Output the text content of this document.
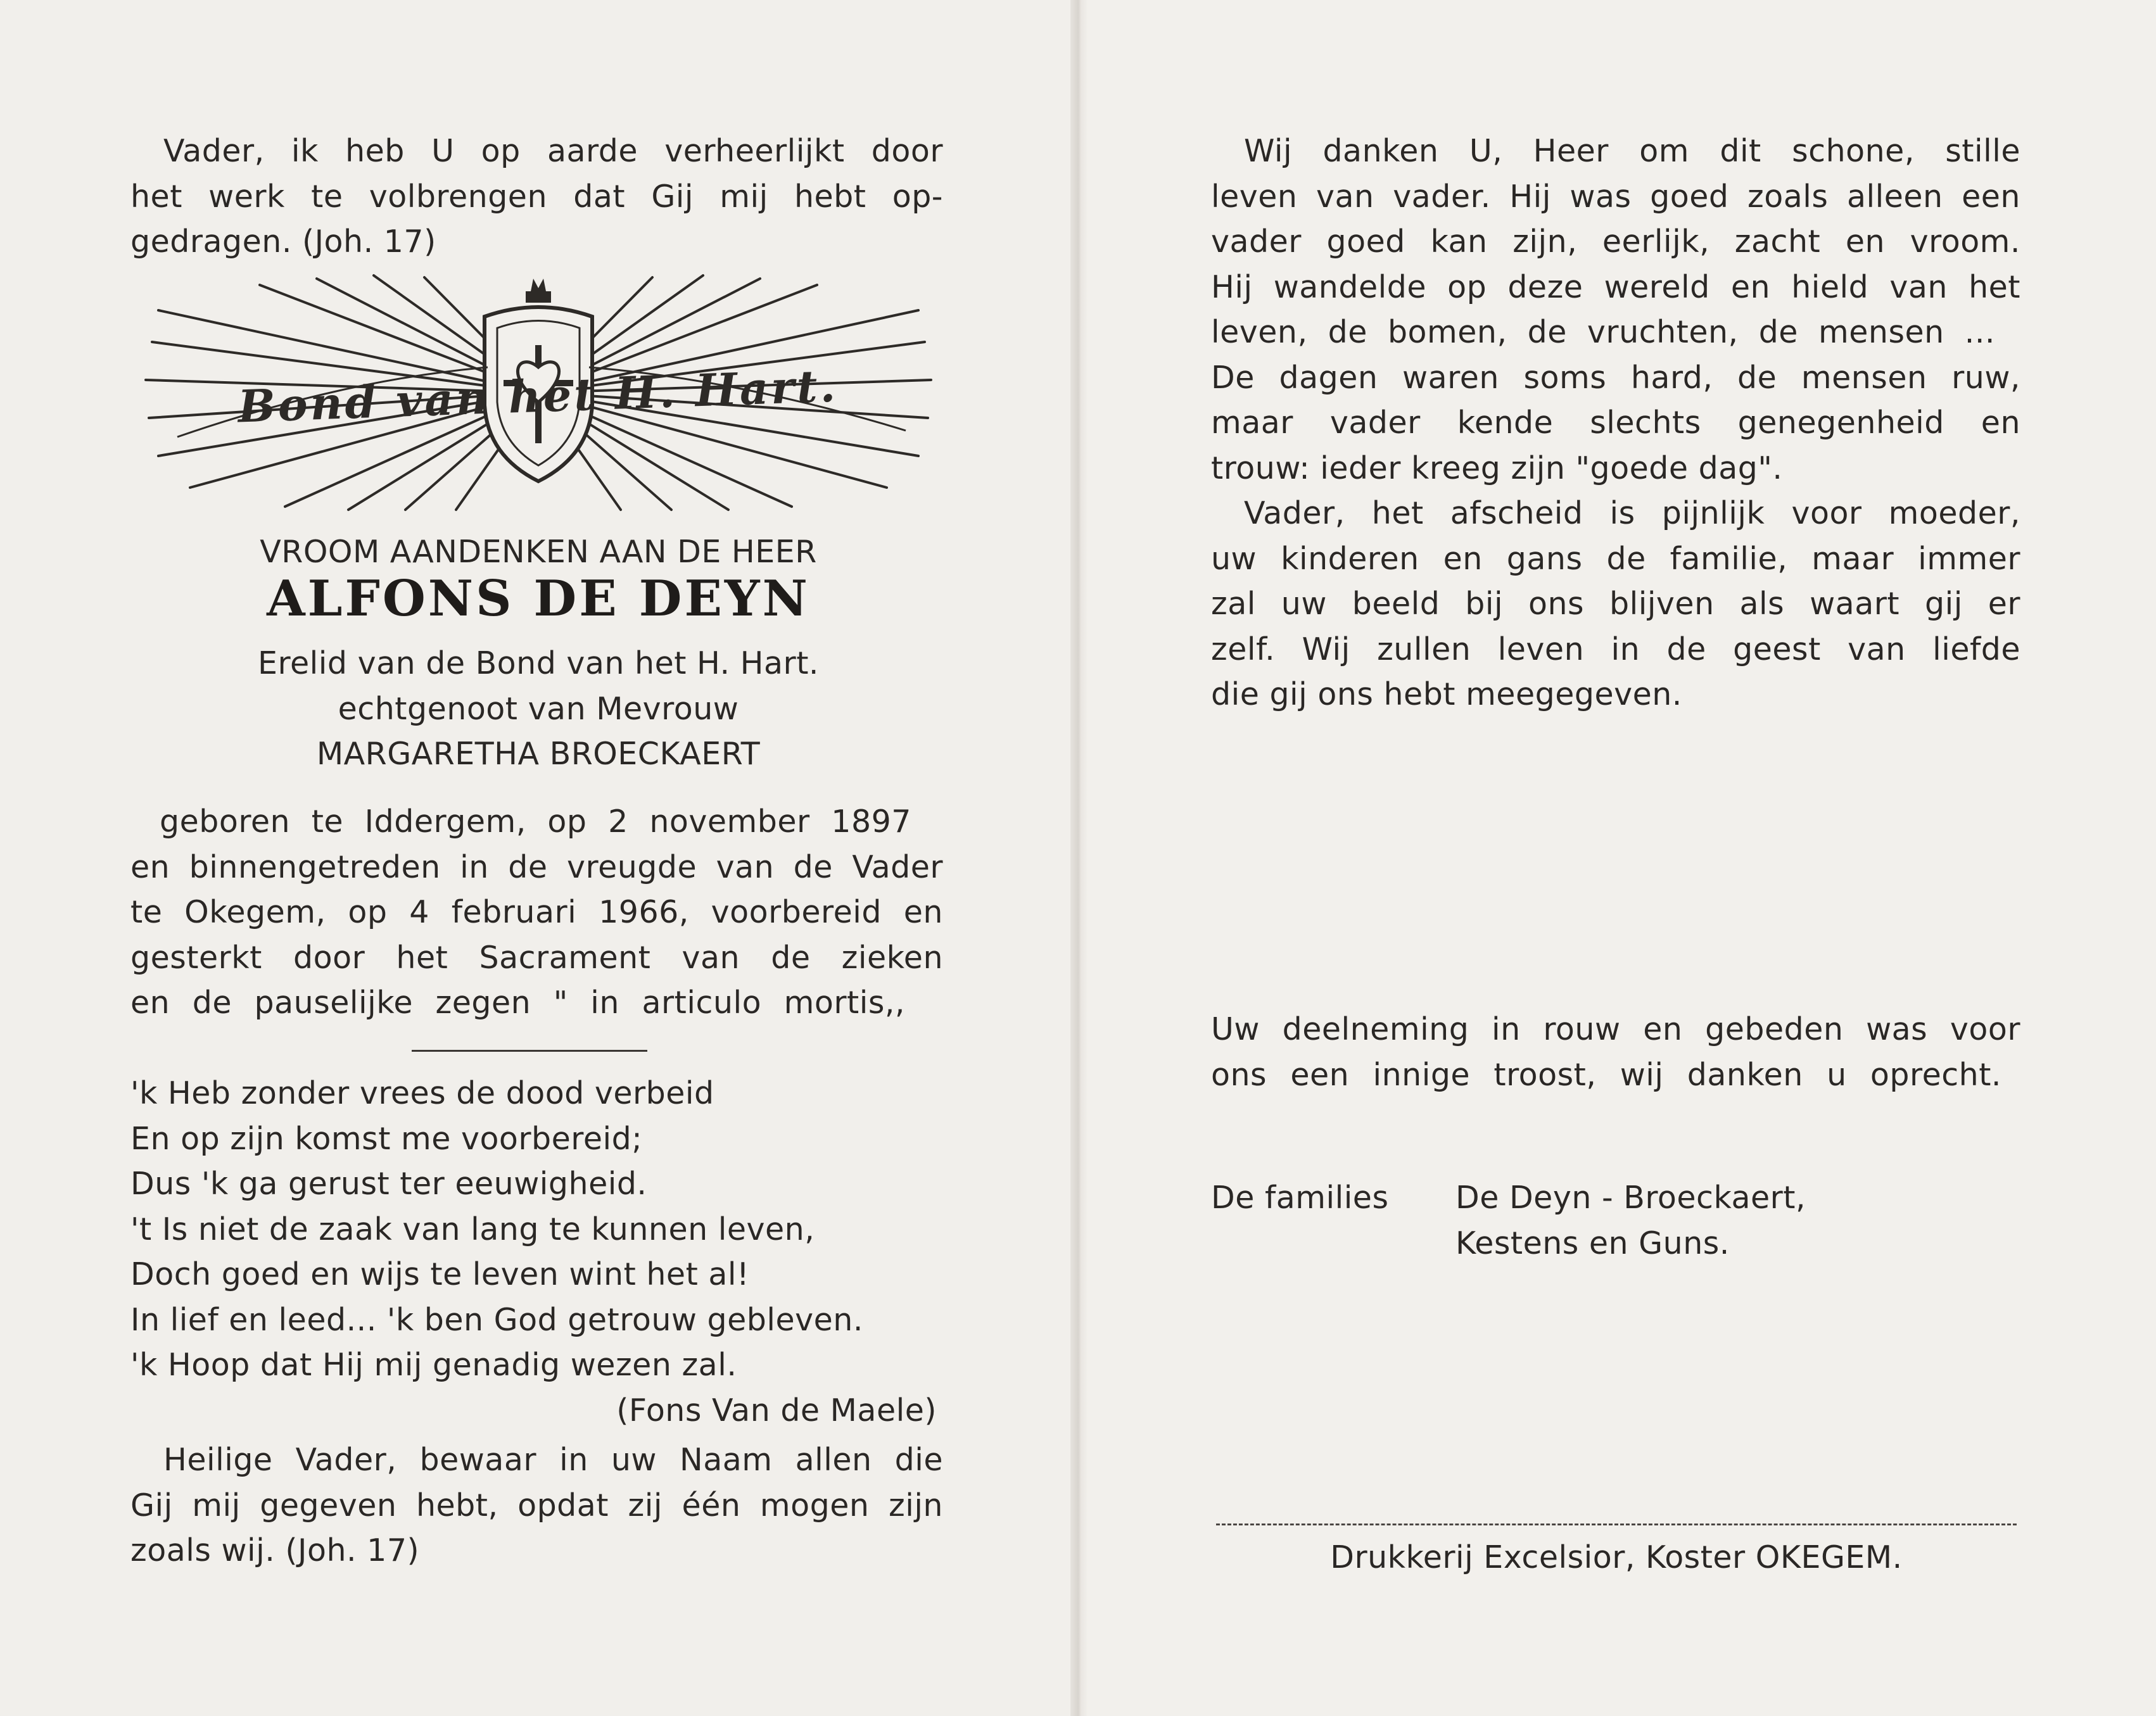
Vader, ik heb U op aarde verheerlijkt door
het werk te volbrengen dat Gij mij hebt op-
gedragen. (Joh. 17)
Bond van het H. Hart.
VROOM AANDENKEN AAN DE HEER
ALFONS DE DEYN
Erelid van de Bond van het H. Hart.
echtgenoot van Mevrouw
MARGARETHA BROECKAERT
geboren te Iddergem, op 2 november 1897
en binnengetreden in de vreugde van de Vader
te Okegem, op 4 februari 1966, voorbereid en
gesterkt door het Sacrament van de zieken
en de pauselijke zegen " in articulo mortis,,
'k Heb zonder vrees de dood verbeid
En op zijn komst me voorbereid;
Dus 'k ga gerust ter eeuwigheid.
't Is niet de zaak van lang te kunnen leven,
Doch goed en wijs te leven wint het al!
In lief en leed... 'k ben God getrouw gebleven.
'k Hoop dat Hij mij genadig wezen zal.
(Fons Van de Maele)
Heilige Vader, bewaar in uw Naam allen die
Gij mij gegeven hebt, opdat zij één mogen zijn
zoals wij. (Joh. 17)
Wij danken U, Heer om dit schone, stille
leven van vader. Hij was goed zoals alleen een
vader goed kan zijn, eerlijk, zacht en vroom.
Hij wandelde op deze wereld en hield van het
leven, de bomen, de vruchten, de mensen ...
De dagen waren soms hard, de mensen ruw,
maar vader kende slechts genegenheid en
trouw: ieder kreeg zijn "goede dag".
Vader, het afscheid is pijnlijk voor moeder,
uw kinderen en gans de familie, maar immer
zal uw beeld bij ons blijven als waart gij er
zelf. Wij zullen leven in de geest van liefde
die gij ons hebt meegegeven.
Uw deelneming in rouw en gebeden was voor
ons een innige troost, wij danken u oprecht.
De families De Deyn - Broeckaert,
Kestens en Guns.
Drukkerij Excelsior, Koster OKEGEM.
